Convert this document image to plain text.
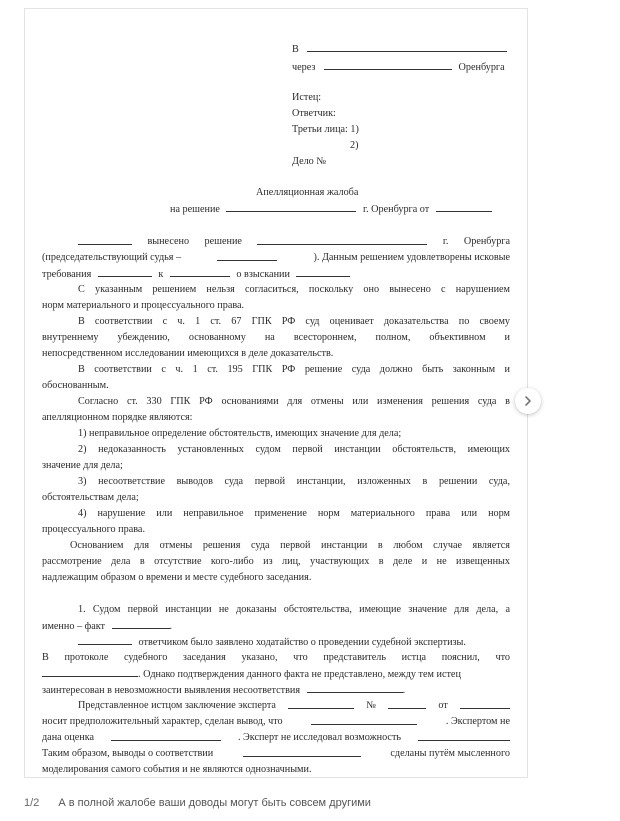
В
через	Оренбурга
Истец:
Ответчик:
Третьи лица: 1)
2)
Дело №
Апелляционная жалоба
на решение	г. Оренбурга от
вынесено решение	г. Оренбурга
(председательствующий судья –	). Данным решением удовлетворены исковые
требования	к	о взыскании
С указанным решением нельзя согласиться, поскольку оно вынесено с нарушением
норм материального и процессуального права.
В соответствии с ч. 1 ст. 67 ГПК РФ суд оценивает доказательства по своему
внутреннему убеждению, основанному на всестороннем, полном, объективном и
непосредственном исследовании имеющихся в деле доказательств.
В соответствии с ч. 1 ст. 195 ГПК РФ решение суда должно быть законным и
обоснованным.
Согласно ст. 330 ГПК РФ основаниями для отмены или изменения решения суда в
апелляционном порядке являются:
1) неправильное определение обстоятельств, имеющих значение для дела;
2) недоказанность установленных судом первой инстанции обстоятельств, имеющих
значение для дела;
3) несоответствие выводов суда первой инстанции, изложенных в решении суда,
обстоятельствам дела;
4) нарушение или неправильное применение норм материального права или норм
процессуального права.
Основанием для отмены решения суда первой инстанции в любом случае является
рассмотрение дела в отсутствие кого-либо из лиц, участвующих в деле и не извещенных
надлежащим образом о времени и месте судебного заседания.
1. Судом первой инстанции не доказаны обстоятельства, имеющие значение для дела, а
именно – факт	.
ответчиком было заявлено ходатайство о проведении судебной экспертизы.
В протоколе судебного заседания указано, что представитель истца пояснил, что
. Однако подтверждения данного факта не представлено, между тем истец
заинтересован в невозможности выявления несоответствия	.
Представленное истцом заключение эксперта	№	от
носит предположительный характер, сделан вывод, что	. Экспертом не
дана оценка	. Эксперт не исследовал возможность
Таким образом, выводы о соответствии	сделаны путём мысленного
моделирования самого события и не являются однозначными.
1/2 А в полной жалобе ваши доводы могут быть совсем другими
